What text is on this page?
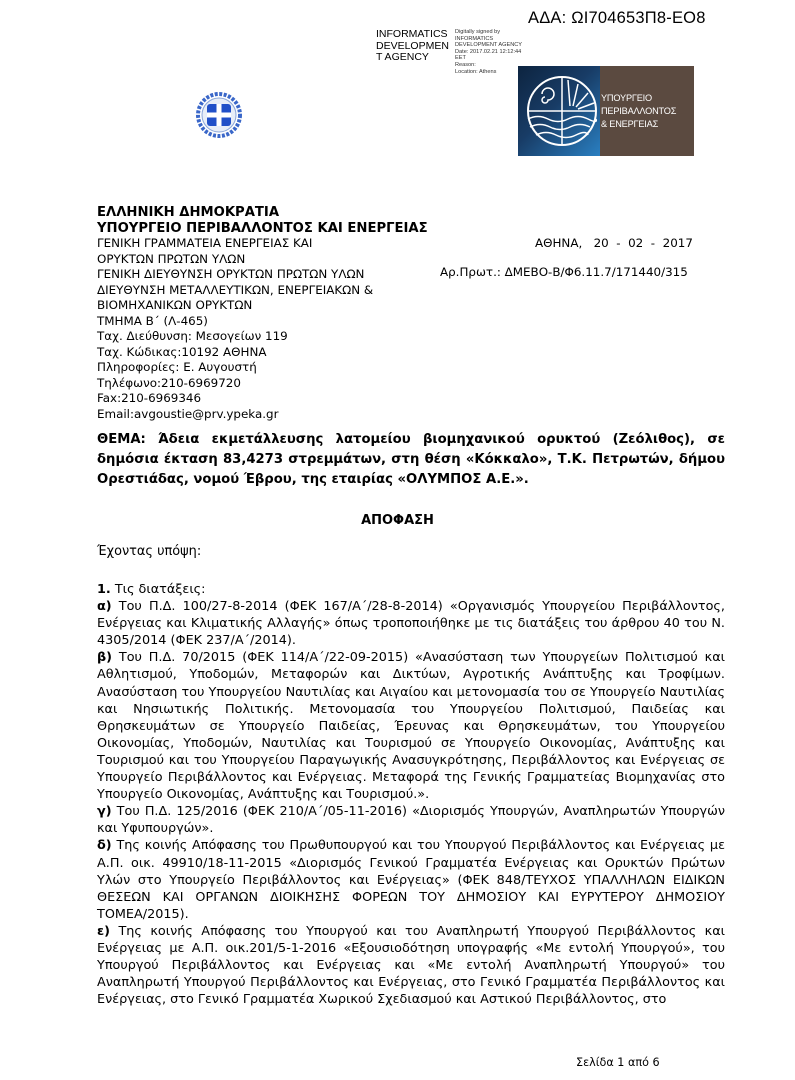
ΑΔΑ: ΩΙ704653Π8-ΕΟ8
INFORMATICS DEVELOPMEN T AGENCY
Digitally signed by
INFORMATICS
DEVELOPMENT AGENCY
Date: 2017.02.21 12:12:44
EET
Reason:
Location: Athens
ΥΠΟΥΡΓΕΙΟ
ΠΕΡΙΒΑΛΛΟΝΤΟΣ
& ΕΝΕΡΓΕΙΑΣ
ΕΛΛΗΝΙΚΗ ΔΗΜΟΚΡΑΤΙΑ
ΥΠΟΥΡΓΕΙΟ ΠΕΡΙΒΑΛΛΟΝΤΟΣ ΚΑΙ ΕΝΕΡΓΕΙΑΣ
ΓΕΝΙΚΗ ΓΡΑΜΜΑΤΕΙΑ ΕΝΕΡΓΕΙΑΣ ΚΑΙ
ΟΡΥΚΤΩΝ ΠΡΩΤΩΝ ΥΛΩΝ
ΓΕΝΙΚΗ ΔΙΕΥΘΥΝΣΗ ΟΡΥΚΤΩΝ ΠΡΩΤΩΝ ΥΛΩΝ
ΔΙΕΥΘΥΝΣΗ ΜΕΤΑΛΛΕΥΤΙΚΩΝ, ΕΝΕΡΓΕΙΑΚΩΝ &
ΒΙΟΜΗΧΑΝΙΚΩΝ ΟΡΥΚΤΩΝ
ΤΜΗΜΑ Β΄ (Λ-465)
Ταχ. Διεύθυνση: Μεσογείων 119
Ταχ. Κώδικας:10192 ΑΘΗΝΑ
Πληροφορίες: Ε. Αυγουστή
Τηλέφωνο:210-6969720
Fax:210-6969346
Email:avgoustie@prv.ypeka.gr
ΑΘΗΝΑ,   20  -  02  -  2017
Αρ.Πρωτ.: ΔΜΕΒΟ-Β/Φ6.11.7/171440/315
ΘΕΜΑ: Άδεια εκμετάλλευσης λατομείου βιομηχανικού ορυκτού (Ζεόλιθος), σε δημόσια έκταση 83,4273 στρεμμάτων, στη θέση «Κόκκαλο», Τ.Κ. Πετρωτών, δήμου Ορεστιάδας, νομού Έβρου, της εταιρίας «ΟΛΥΜΠΟΣ Α.Ε.».
ΑΠΟΦΑΣΗ
Έχοντας υπόψη:

1. Τις διατάξεις:

α) Του Π.Δ. 100/27-8-2014 (ΦΕΚ 167/Α΄/28-8-2014) «Οργανισμός Υπουργείου Περιβάλλοντος, Ενέργειας και Κλιματικής Αλλαγής» όπως τροποποιήθηκε με τις διατάξεις του άρθρου 40 του Ν. 4305/2014 (ΦΕΚ 237/Α΄/2014).

β) Του Π.Δ. 70/2015 (ΦΕΚ 114/Α΄/22-09-2015) «Ανασύσταση των Υπουργείων Πολιτισμού και Αθλητισμού, Υποδομών, Μεταφορών και Δικτύων, Αγροτικής Ανάπτυξης και Τροφίμων. Ανασύσταση του Υπουργείου Ναυτιλίας και Αιγαίου και μετονομασία του σε Υπουργείο Ναυτιλίας και Νησιωτικής Πολιτικής. Μετονομασία του Υπουργείου Πολιτισμού, Παιδείας και Θρησκευμάτων σε Υπουργείο Παιδείας, Έρευνας και Θρησκευμάτων, του Υπουργείου Οικονομίας, Υποδομών, Ναυτιλίας και Τουρισμού σε Υπουργείο Οικονομίας, Ανάπτυξης και Τουρισμού και του Υπουργείου Παραγωγικής Ανασυγκρότησης, Περιβάλλοντος και Ενέργειας σε Υπουργείο Περιβάλλοντος και Ενέργειας. Μεταφορά της Γενικής Γραμματείας Βιομηχανίας στο Υπουργείο Οικονομίας, Ανάπτυξης και Τουρισμού.».

γ) Του Π.Δ. 125/2016 (ΦΕΚ 210/Α΄/05-11-2016) «Διορισμός Υπουργών, Αναπληρωτών Υπουργών και Υφυπουργών».

δ) Της κοινής Απόφασης του Πρωθυπουργού και του Υπουργού Περιβάλλοντος και Ενέργειας με Α.Π. οικ. 49910/18-11-2015 «Διορισμός Γενικού Γραμματέα Ενέργειας και Ορυκτών Πρώτων Υλών στο Υπουργείο Περιβάλλοντος και Ενέργειας» (ΦΕΚ 848/ΤΕΥΧΟΣ ΥΠΑΛΛΗΛΩΝ ΕΙΔΙΚΩΝ ΘΕΣΕΩΝ ΚΑΙ ΟΡΓΑΝΩΝ ΔΙΟΙΚΗΣΗΣ ΦΟΡΕΩΝ ΤΟΥ ΔΗΜΟΣΙΟΥ ΚΑΙ ΕΥΡΥΤΕΡΟΥ ΔΗΜΟΣΙΟΥ ΤΟΜΕΑ/2015).

ε) Της κοινής Απόφασης του Υπουργού και του Αναπληρωτή Υπουργού Περιβάλλοντος και Ενέργειας με Α.Π. οικ.201/5-1-2016 «Εξουσιοδότηση υπογραφής «Με εντολή Υπουργού», του Υπουργού Περιβάλλοντος και Ενέργειας και «Με εντολή Αναπληρωτή Υπουργού» του Αναπληρωτή Υπουργού Περιβάλλοντος και Ενέργειας, στο Γενικό Γραμματέα Περιβάλλοντος και Ενέργειας, στο Γενικό Γραμματέα Χωρικού Σχεδιασμού και Αστικού Περιβάλλοντος, στο

Σελίδα 1 από 6
